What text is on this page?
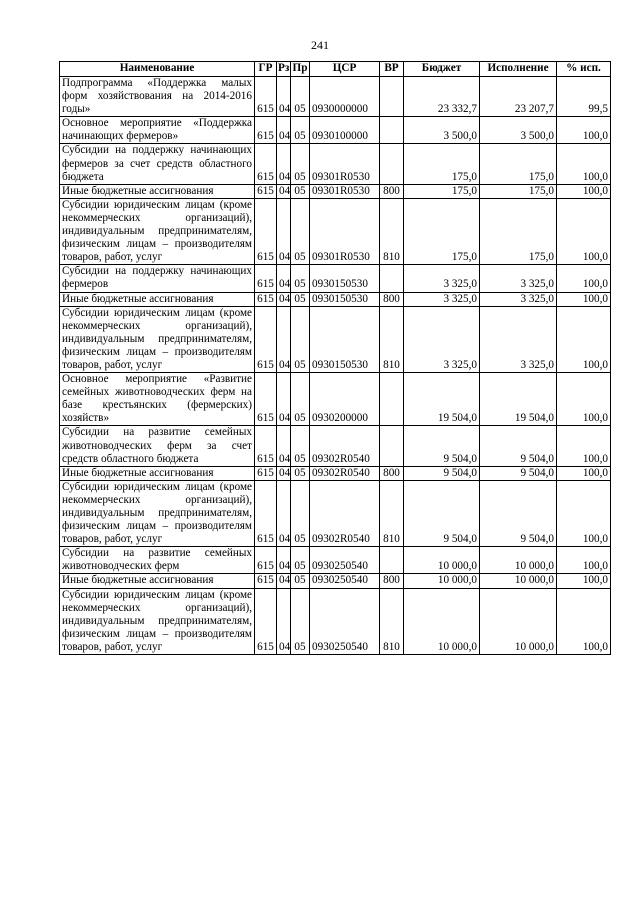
241
Наименование	ГР	Рз	Пр	ЦСР	ВР	Бюджет	Исполнение	% исп.
Подпрограмма «Поддержка малых форм хозяйствования на 2014-2016 годы»	615	04	05	0930000000		23 332,7	23 207,7	99,5
Основное мероприятие «Поддержка начинающих фермеров»	615	04	05	0930100000		3 500,0	3 500,0	100,0
Субсидии на поддержку начинающих фермеров за счет средств областного бюджета	615	04	05	09301R0530		175,0	175,0	100,0
Иные бюджетные ассигнования	615	04	05	09301R0530	800	175,0	175,0	100,0
Субсидии юридическим лицам (кроме некоммерческих организаций), индивидуальным предпринимателям, физическим лицам – производителям товаров, работ, услуг	615	04	05	09301R0530	810	175,0	175,0	100,0
Субсидии на поддержку начинающих фермеров	615	04	05	0930150530		3 325,0	3 325,0	100,0
Иные бюджетные ассигнования	615	04	05	0930150530	800	3 325,0	3 325,0	100,0
Субсидии юридическим лицам (кроме некоммерческих организаций), индивидуальным предпринимателям, физическим лицам – производителям товаров, работ, услуг	615	04	05	0930150530	810	3 325,0	3 325,0	100,0
Основное мероприятие «Развитие семейных животноводческих ферм на базе крестьянских (фермерских) хозяйств»	615	04	05	0930200000		19 504,0	19 504,0	100,0
Субсидии на развитие семейных животноводческих ферм за счет средств областного бюджета	615	04	05	09302R0540		9 504,0	9 504,0	100,0
Иные бюджетные ассигнования	615	04	05	09302R0540	800	9 504,0	9 504,0	100,0
Субсидии юридическим лицам (кроме некоммерческих организаций), индивидуальным предпринимателям, физическим лицам – производителям товаров, работ, услуг	615	04	05	09302R0540	810	9 504,0	9 504,0	100,0
Субсидии на развитие семейных животноводческих ферм	615	04	05	0930250540		10 000,0	10 000,0	100,0
Иные бюджетные ассигнования	615	04	05	0930250540	800	10 000,0	10 000,0	100,0
Субсидии юридическим лицам (кроме некоммерческих организаций), индивидуальным предпринимателям, физическим лицам – производителям товаров, работ, услуг	615	04	05	0930250540	810	10 000,0	10 000,0	100,0
